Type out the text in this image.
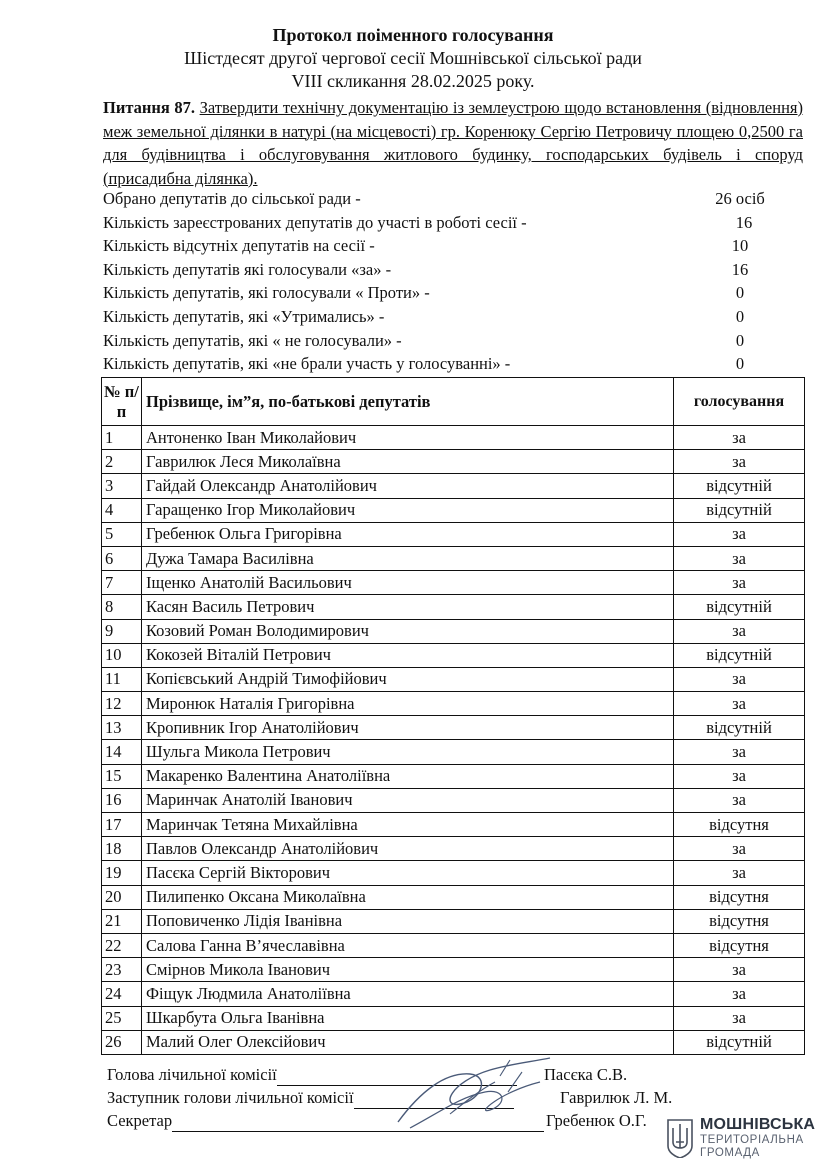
Протокол поіменного голосування
Шістдесят другої чергової сесії Мошнівської сільської ради
VIII скликання 28.02.2025 року.
Питання 87. Затвердити технічну документацію із землеустрою щодо встановлення (відновлення) меж земельної ділянки в натурі (на місцевості) гр. Коренюку Сергію Петровичу площею 0,2500 га для будівництва і обслуговування житлового будинку, господарських будівель і споруд (присадибна ділянка).
Обрано депутатів до сільської ради -	26 осіб
Кількість зареєстрованих депутатів до участі в роботі сесії -	16
Кількість відсутніх депутатів на сесії -	10
Кількість депутатів які голосували «за» -	16
Кількість депутатів, які голосували « Проти» -	0
Кількість депутатів, які «Утримались» -	0
Кількість депутатів, які « не голосували» -	0
Кількість депутатів, які «не брали участь у голосуванні» -	0
№ п/п	Прізвище, ім”я, по-батькові депутатів	голосування
1	Антоненко Іван Миколайович	за
2	Гаврилюк Леся Миколаївна	за
3	Гайдай Олександр Анатолійович	відсутній
4	Гаращенко Ігор Миколайович	відсутній
5	Гребенюк Ольга Григорівна	за
6	Дужа Тамара Василівна	за
7	Іщенко Анатолій Васильович	за
8	Касян Василь Петрович	відсутній
9	Козовий Роман Володимирович	за
10	Кокозей Віталій Петрович	відсутній
11	Копієвський Андрій Тимофійович	за
12	Миронюк Наталія Григорівна	за
13	Кропивник Ігор Анатолійович	відсутній
14	Шульга Микола Петрович	за
15	Макаренко Валентина Анатоліївна	за
16	Маринчак Анатолій Іванович	за
17	Маринчак Тетяна Михайлівна	відсутня
18	Павлов Олександр Анатолійович	за
19	Пасєка Сергій Вікторович	за
20	Пилипенко Оксана Миколаївна	відсутня
21	Поповиченко Лідія Іванівна	відсутня
22	Салова Ганна В’ячеславівна	відсутня
23	Смірнов Микола Іванович	за
24	Фіщук Людмила Анатоліївна	за
25	Шкарбута Ольга Іванівна	за
26	Малий Олег Олексійович	відсутній
Голова лічильної комісії	Пасєка С.В.
Заступник голови лічильної комісії	Гаврилюк Л. М.
Секретар	Гребенюк О.Г.	МОШНІВСЬКА
ТЕРИТОРІАЛЬНА
ГРОМАДА
